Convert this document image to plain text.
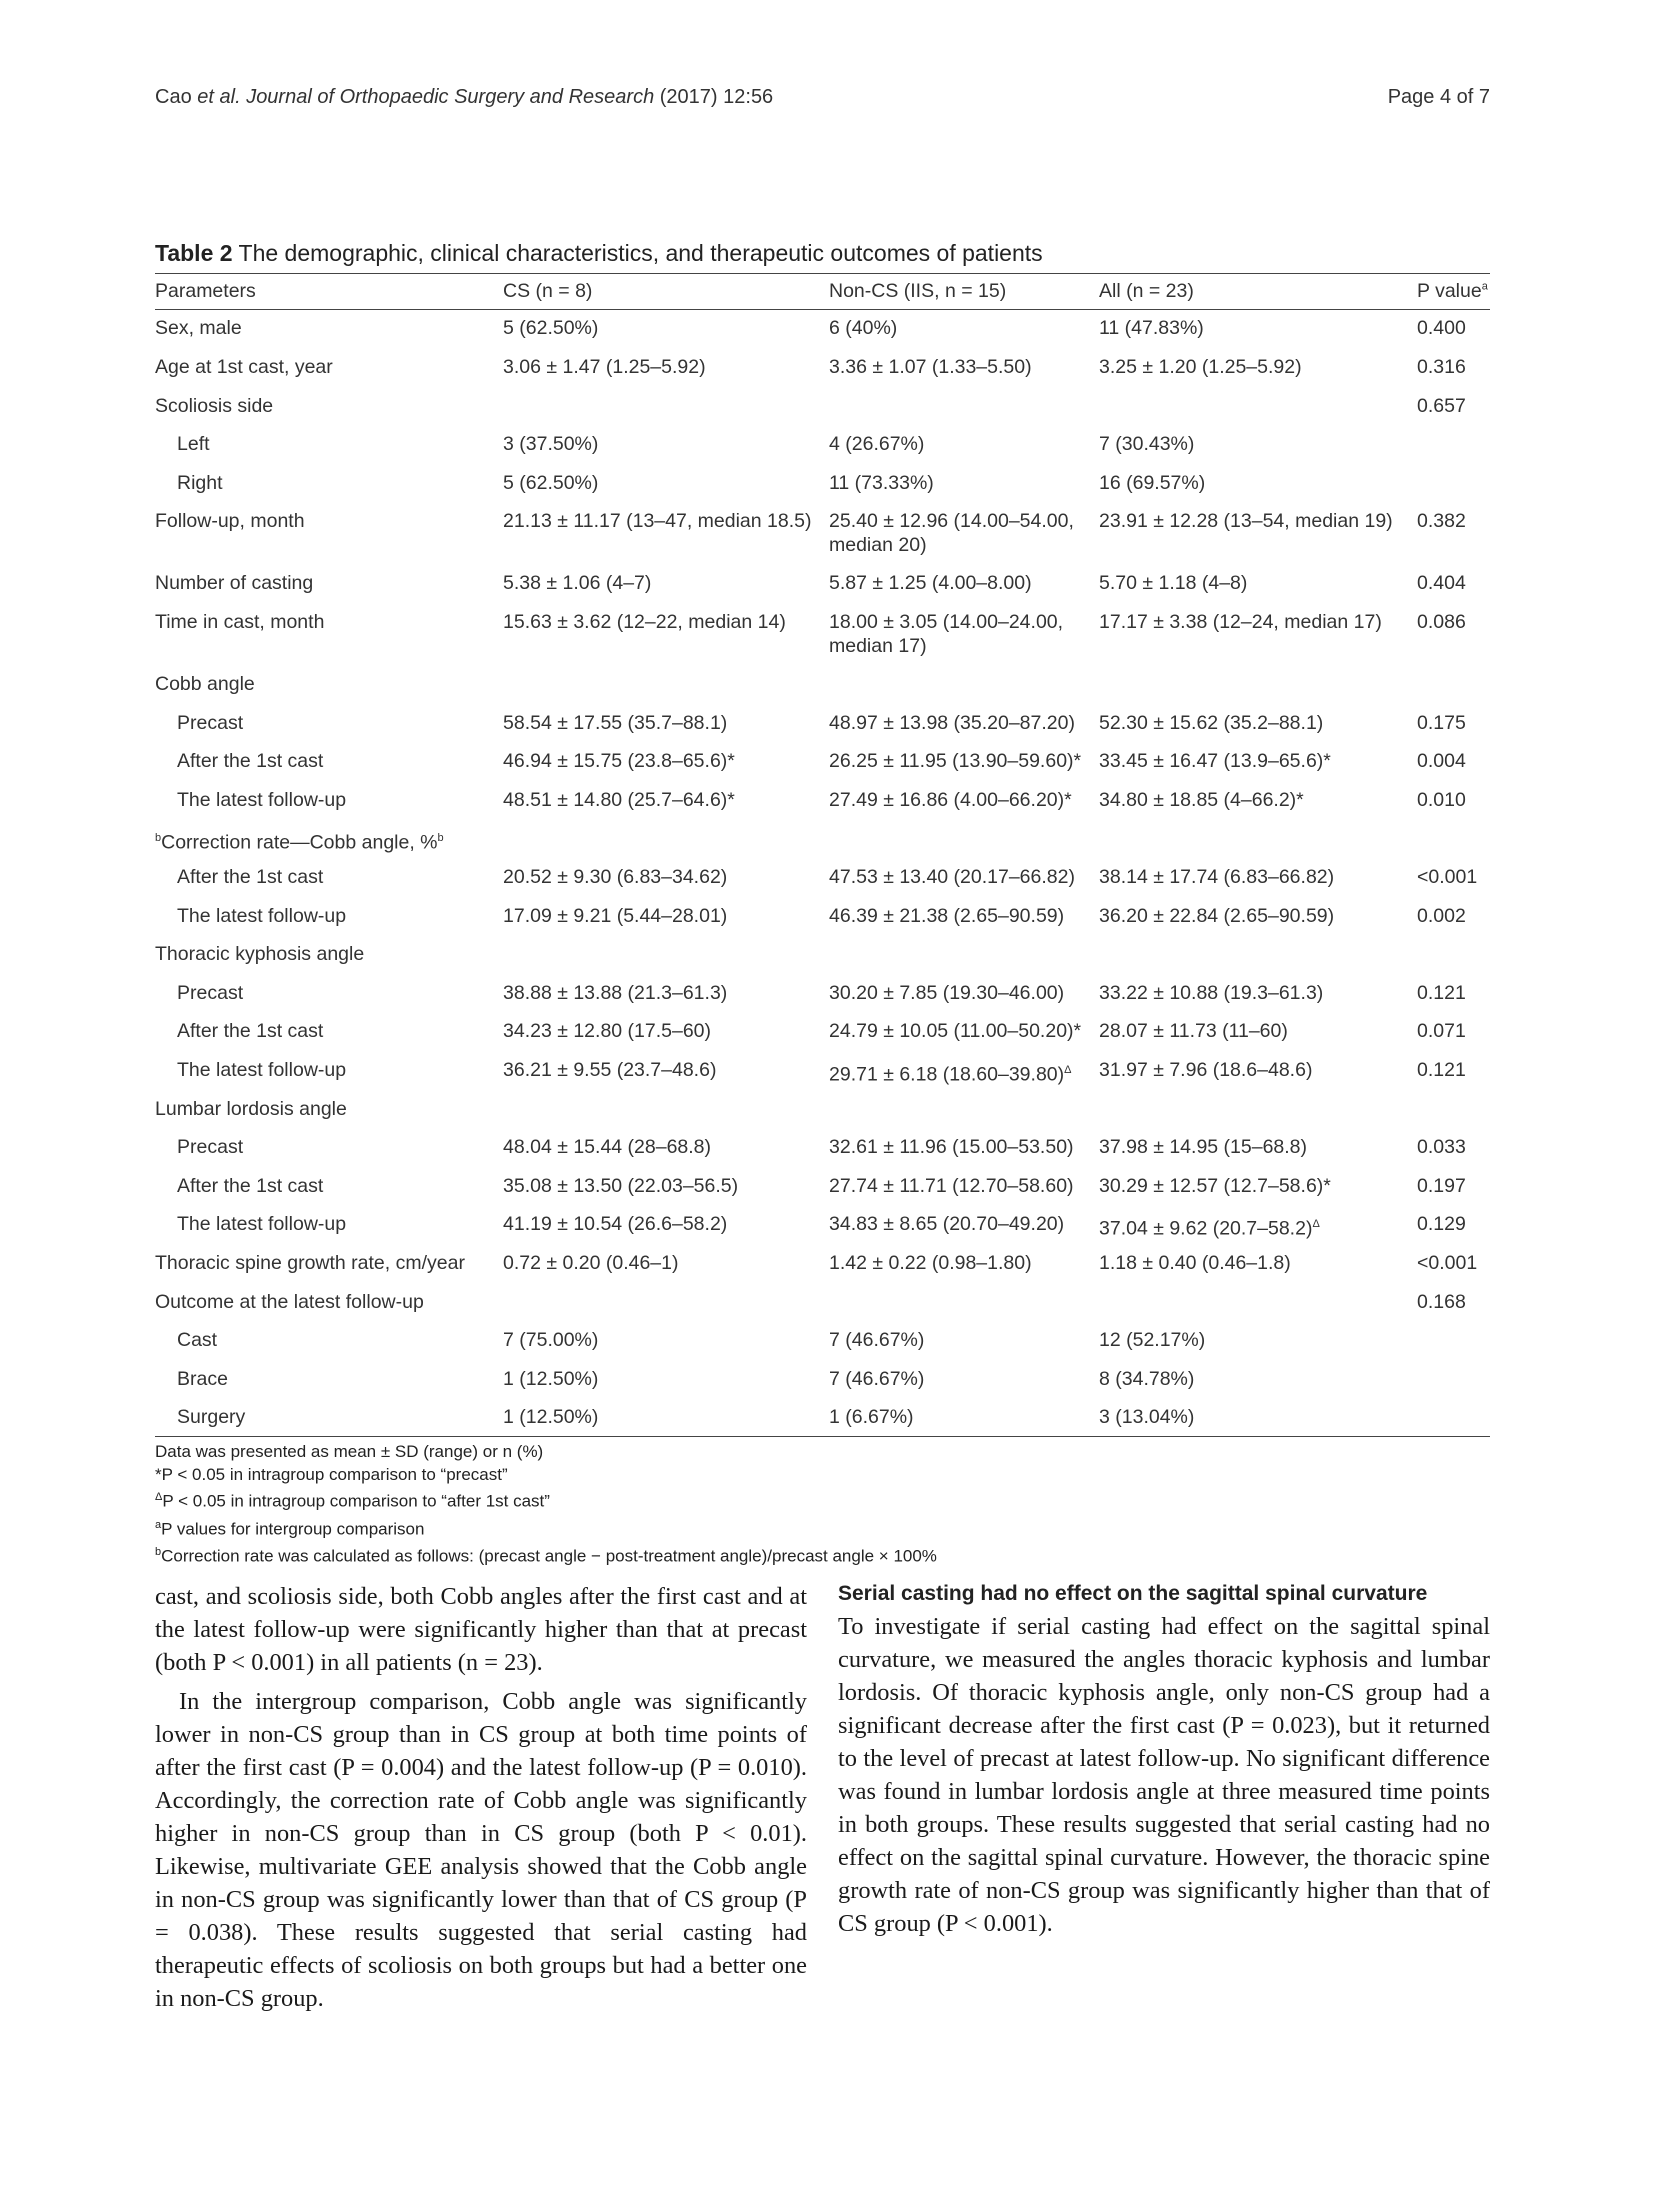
Cao et al. Journal of Orthopaedic Surgery and Research (2017) 12:56	Page 4 of 7
Table 2 The demographic, clinical characteristics, and therapeutic outcomes of patients
Parameters	CS (n = 8)	Non-CS (IIS, n = 15)	All (n = 23)	P value$^a$
Sex, male	5 (62.50%)	6 (40%)	11 (47.83%)	0.400
Age at 1st cast, year	3.06 ± 1.47 (1.25–5.92)	3.36 ± 1.07 (1.33–5.50)	3.25 ± 1.20 (1.25–5.92)	0.316
Scoliosis side				0.657
Left	3 (37.50%)	4 (26.67%)	7 (30.43%)	
Right	5 (62.50%)	11 (73.33%)	16 (69.57%)	
Follow-up, month	21.13 ± 11.17 (13–47, median 18.5)	25.40 ± 12.96 (14.00–54.00, median 20)	23.91 ± 12.28 (13–54, median 19)	0.382
Number of casting	5.38 ± 1.06 (4–7)	5.87 ± 1.25 (4.00–8.00)	5.70 ± 1.18 (4–8)	0.404
Time in cast, month	15.63 ± 3.62 (12–22, median 14)	18.00 ± 3.05 (14.00–24.00, median 17)	17.17 ± 3.38 (12–24, median 17)	0.086
Cobb angle				
Precast	58.54 ± 17.55 (35.7–88.1)	48.97 ± 13.98 (35.20–87.20)	52.30 ± 15.62 (35.2–88.1)	0.175
After the 1st cast	46.94 ± 15.75 (23.8–65.6)*	26.25 ± 11.95 (13.90–59.60)*	33.45 ± 16.47 (13.9–65.6)*	0.004
The latest follow-up	48.51 ± 14.80 (25.7–64.6)*	27.49 ± 16.86 (4.00–66.20)*	34.80 ± 18.85 (4–66.2)*	0.010
$^b$Correction rate—Cobb angle, %$^b$				
After the 1st cast	20.52 ± 9.30 (6.83–34.62)	47.53 ± 13.40 (20.17–66.82)	38.14 ± 17.74 (6.83–66.82)	<0.001
The latest follow-up	17.09 ± 9.21 (5.44–28.01)	46.39 ± 21.38 (2.65–90.59)	36.20 ± 22.84 (2.65–90.59)	0.002
Thoracic kyphosis angle				
Precast	38.88 ± 13.88 (21.3–61.3)	30.20 ± 7.85 (19.30–46.00)	33.22 ± 10.88 (19.3–61.3)	0.121
After the 1st cast	34.23 ± 12.80 (17.5–60)	24.79 ± 10.05 (11.00–50.20)*	28.07 ± 11.73 (11–60)	0.071
The latest follow-up	36.21 ± 9.55 (23.7–48.6)	29.71 ± 6.18 $(18.60-39.80)^\Delta$	31.97 ± 7.96 (18.6–48.6)	0.121
Lumbar lordosis angle				
Precast	48.04 ± 15.44 (28–68.8)	32.61 ± 11.96 (15.00–53.50)	37.98 ± 14.95 (15–68.8)	0.033
After the 1st cast	35.08 ± 13.50 (22.03–56.5)	27.74 ± 11.71 (12.70–58.60)	30.29 ± 12.57 (12.7–58.6)*	0.197
The latest follow-up	41.19 ± 10.54 (26.6–58.2)	34.83 ± 8.65 (20.70–49.20)	37.04 ± 9.62 $(20.7-58.2)^\Delta$	0.129
Thoracic spine growth rate, cm/year	0.72 ± 0.20 (0.46–1)	1.42 ± 0.22 (0.98–1.80)	1.18 ± 0.40 (0.46–1.8)	<0.001
Outcome at the latest follow-up				0.168
Cast	7 (75.00%)	7 (46.67%)	12 (52.17%)	
Brace	1 (12.50%)	7 (46.67%)	8 (34.78%)	
Surgery	1 (12.50%)	1 (6.67%)	3 (13.04%)	
Data was presented as mean ± SD (range) or n (%)
*P < 0.05 in intragroup comparison to “precast”
$^\Delta$P < 0.05 in intragroup comparison to “after 1st cast”
$^a$P values for intergroup comparison
$^b$Correction rate was calculated as follows: (precast angle − post-treatment angle)/precast angle × 100%

cast, and scoliosis side, both Cobb angles after the first cast and at the latest follow-up were significantly higher than that at precast (both P < 0.001) in all patients (n = 23).

In the intergroup comparison, Cobb angle was significantly lower in non-CS group than in CS group at both time points of after the first cast (P = 0.004) and the latest follow-up (P = 0.010). Accordingly, the correction rate of Cobb angle was significantly higher in non-CS group than in CS group (both P < 0.01). Likewise, multivariate GEE analysis showed that the Cobb angle in non-CS group was significantly lower than that of CS group (P = 0.038). These results suggested that serial casting had therapeutic effects of scoliosis on both groups but had a better one in non-CS group.

Serial casting had no effect on the sagittal spinal curvature

To investigate if serial casting had effect on the sagittal spinal curvature, we measured the angles thoracic kyphosis and lumbar lordosis. Of thoracic kyphosis angle, only non-CS group had a significant decrease after the first cast (P = 0.023), but it returned to the level of precast at latest follow-up. No significant difference was found in lumbar lordosis angle at three measured time points in both groups. These results suggested that serial casting had no effect on the sagittal spinal curvature. However, the thoracic spine growth rate of non-CS group was significantly higher than that of CS group (P < 0.001).
